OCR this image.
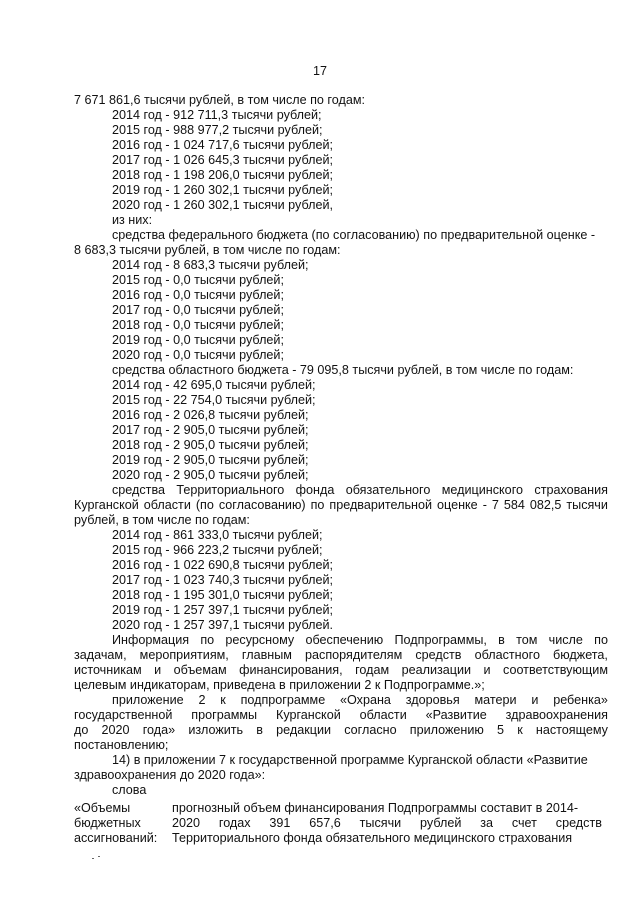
17
7 671 861,6 тысячи рублей, в том числе по годам:
2014 год - 912 711,3 тысячи рублей;
2015 год - 988 977,2 тысячи рублей;
2016 год - 1 024 717,6 тысячи рублей;
2017 год - 1 026 645,3 тысячи рублей;
2018 год - 1 198 206,0 тысячи рублей;
2019 год - 1 260 302,1 тысячи рублей;
2020 год - 1 260 302,1 тысячи рублей,
из них:
средства федерального бюджета (по согласованию) по предварительной оценке -
8 683,3 тысячи рублей, в том числе по годам:
2014 год - 8 683,3 тысячи рублей;
2015 год - 0,0 тысячи рублей;
2016 год - 0,0 тысячи рублей;
2017 год - 0,0 тысячи рублей;
2018 год - 0,0 тысячи рублей;
2019 год - 0,0 тысячи рублей;
2020 год - 0,0 тысячи рублей;
средства областного бюджета - 79 095,8 тысячи рублей, в том числе по годам:
2014 год - 42 695,0 тысячи рублей;
2015 год - 22 754,0 тысячи рублей;
2016 год - 2 026,8 тысячи рублей;
2017 год - 2 905,0 тысячи рублей;
2018 год - 2 905,0 тысячи рублей;
2019 год - 2 905,0 тысячи рублей;
2020 год - 2 905,0 тысячи рублей;
средства Территориального фонда обязательного медицинского страхования
Курганской области (по согласованию) по предварительной оценке - 7 584 082,5 тысячи
рублей, в том числе по годам:
2014 год - 861 333,0 тысячи рублей;
2015 год - 966 223,2 тысячи рублей;
2016 год - 1 022 690,8 тысячи рублей;
2017 год - 1 023 740,3 тысячи рублей;
2018 год - 1 195 301,0 тысячи рублей;
2019 год - 1 257 397,1 тысячи рублей;
2020 год - 1 257 397,1 тысячи рублей.
Информация по ресурсному обеспечению Подпрограммы, в том числе по
задачам, мероприятиям, главным распорядителям средств областного бюджета,
источникам и объемам финансирования, годам реализации и соответствующим
целевым индикаторам, приведена в приложении 2 к Подпрограмме.»;
приложение 2 к подпрограмме «Охрана здоровья матери и ребенка»
государственной программы Курганской области «Развитие здравоохранения
до 2020 года» изложить в редакции согласно приложению 5 к настоящему
постановлению;
14) в приложении 7 к государственной программе Курганской области «Развитие
здравоохранения до 2020 года»:
слова
«Объемы
бюджетных
ассигнований:
прогнозный объем финансирования Подпрограммы составит в 2014-
2020 годах 391 657,6 тысячи рублей за счет средств
Территориального фонда обязательного медицинского страхования
